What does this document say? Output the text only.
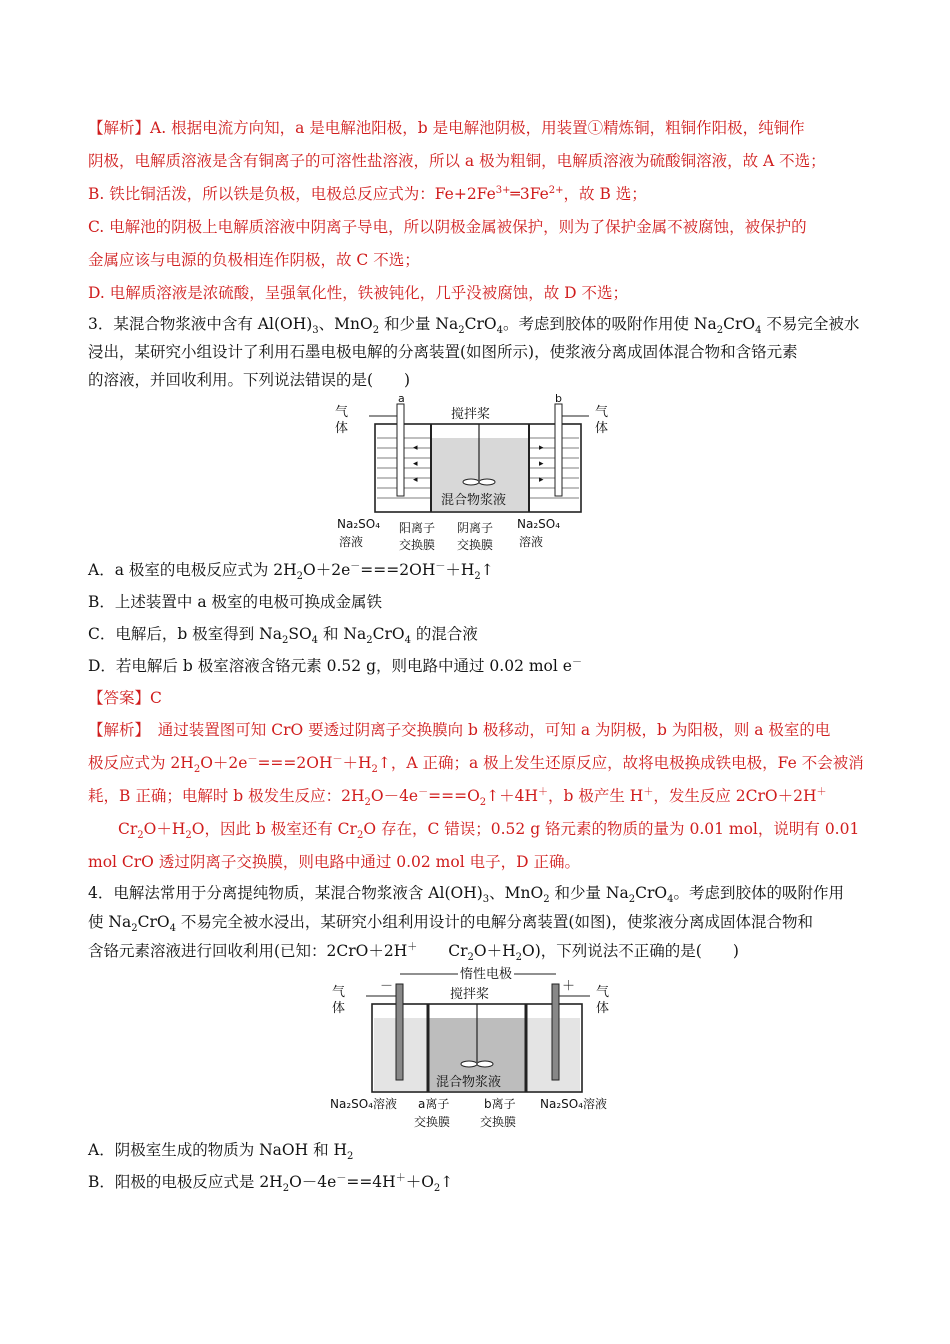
【解析】A. 根据电流方向知，a 是电解池阳极，b 是电解池阴极，用装置①精炼铜，粗铜作阳极，纯铜作
阴极，电解质溶液是含有铜离子的可溶性盐溶液，所以 a 极为粗铜，电解质溶液为硫酸铜溶液，故 A 不选；
B. 铁比铜活泼，所以铁是负极，电极总反应式为：$Fe+2Fe^{3+}═3Fe^{2+}$，故 B 选；
C. 电解池的阴极上电解质溶液中阴离子导电，所以阴极金属被保护，则为了保护金属不被腐蚀，被保护的
金属应该与电源的负极相连作阴极，故 C 不选；
D. 电解质溶液是浓硫酸，呈强氧化性，铁被钝化，几乎没被腐蚀，故 D 不选；
3．某混合物浆液中含有 $Al(OH)_3$、MnO$_2$ 和少量 $Na_2CrO_4$。考虑到胶体的吸附作用使 $Na_2CrO_4$ 不易完全被水
浸出，某研究小组设计了利用石墨电极电解的分离装置(如图所示)，使浆液分离成固体混合物和含铬元素
的溶液，并回收利用。下列说法错误的是(　　)
◂
◂
◂
▸
▸
▸
气
体
气
体
a	b
搅拌桨
混合物浆液
Na₂SO₄
溶液
阳离子
交换膜
阴离子
交换膜
Na₂SO₄
溶液
A．a 极室的电极反应式为 $2H_2O+2e^-===2OH^-+H_2↑$
B．上述装置中 a 极室的电极可换成金属铁
C．电解后，b 极室得到 $Na_2SO_4$ 和 $Na_2CrO_4$ 的混合液
D．若电解后 b 极室溶液含铬元素 0.52 g，则电路中通过 0.02 mol e－
【答案】C
【解析】　 通过装置图可知 CrO 要透过阴离子交换膜向 b 极移动，可知 a 为阴极，b 为阳极，则 a 极室的电
极反应式为 $2H_2O+2e^-===2OH^-+H_2↑$，A 正确；a 极上发生还原反应，故将电极换成铁电极，Fe 不会被消
耗，B 正确；电解时 b 极发生反应：$2H_2O-4e^-===O_2↑+4H^+$，b 极产生 H＋，发生反应 2CrO＋2H＋
$Cr_2O+H_2O$，因此 b 极室还有 $Cr_2O$ 存在，C 错误；0.52 g 铬元素的物质的量为 0.01 mol，说明有 0.01
mol CrO 透过阴离子交换膜，则电路中通过 0.02 mol 电子，D 正确。
4．电解法常用于分离提纯物质，某混合物浆液含 $Al(OH)_3$、MnO$_2$ 和少量 $Na_2CrO_4$。考虑到胶体的吸附作用
使 $Na_2CrO_4$ 不易完全被水浸出，某研究小组利用设计的电解分离装置(如图)，使浆液分离成固体混合物和
含铬元素溶液进行回收利用(已知：2CrO＋2H＋　　$Cr_2O+H_2O$)，下列说法不正确的是(　　)
惰性电极
－	＋
气
体
气
体
搅拌桨
混合物浆液
Na₂SO₄溶液 a离子
交换膜
b离子
交换膜
Na₂SO₄溶液
A．阴极室生成的物质为 NaOH 和 $H_2$
B．阳极的电极反应式是 $2H_2O-4e^-==4H^++O_2↑$
